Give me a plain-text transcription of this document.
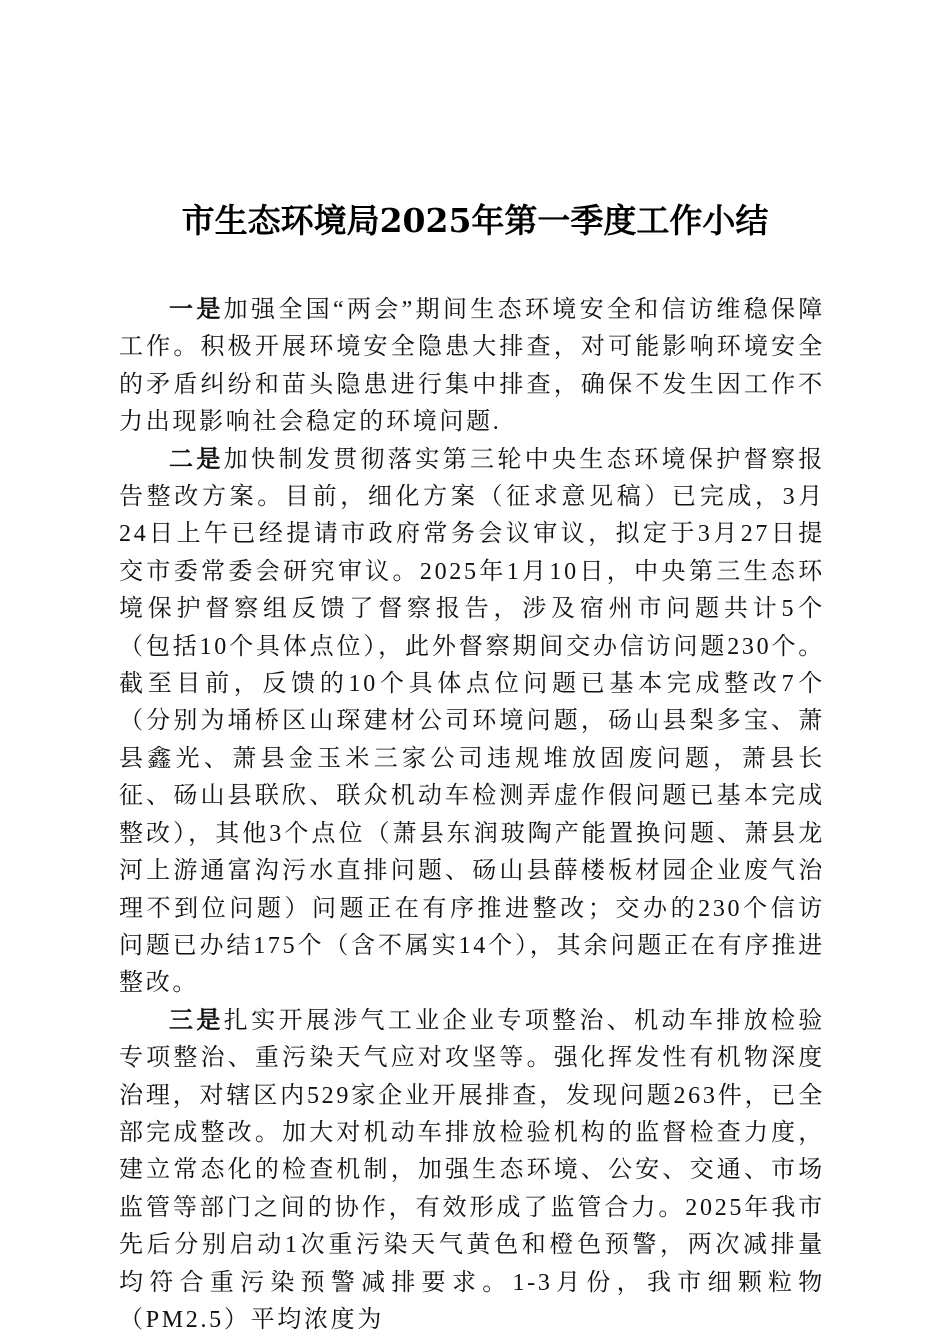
市生态环境局2025年第一季度工作小结

一是加强全国“两会”期间生态环境安全和信访维稳保障工作。积极开展环境安全隐患大排查，对可能影响环境安全的矛盾纠纷和苗头隐患进行集中排查，确保不发生因工作不力出现影响社会稳定的环境问题.

二是加快制发贯彻落实第三轮中央生态环境保护督察报告整改方案。目前，细化方案（征求意见稿）已完成，3月24日上午已经提请市政府常务会议审议，拟定于3月27日提交市委常委会研究审议。2025年1月10日，中央第三生态环境保护督察组反馈了督察报告，涉及宿州市问题共计5个（包括10个具体点位），此外督察期间交办信访问题230个。截至目前，反馈的10个具体点位问题已基本完成整改7个（分别为埇桥区山琛建材公司环境问题，砀山县梨多宝、萧县鑫光、萧县金玉米三家公司违规堆放固废问题，萧县长征、砀山县联欣、联众机动车检测弄虚作假问题已基本完成整改），其他3个点位（萧县东润玻陶产能置换问题、萧县龙河上游通富沟污水直排问题、砀山县薛楼板材园企业废气治理不到位问题）问题正在有序推进整改；交办的230个信访问题已办结175个（含不属实14个），其余问题正在有序推进整改。

三是扎实开展涉气工业企业专项整治、机动车排放检验专项整治、重污染天气应对攻坚等。强化挥发性有机物深度治理，对辖区内529家企业开展排查，发现问题263件，已全部完成整改。加大对机动车排放检验机构的监督检查力度，建立常态化的检查机制，加强生态环境、公安、交通、市场监管等部门之间的协作，有效形成了监管合力。2025年我市先后分别启动1次重污染天气黄色和橙色预警，两次减排量均符合重污染预警减排要求。1-3月份，我市细颗粒物（PM2.5）平均浓度为
